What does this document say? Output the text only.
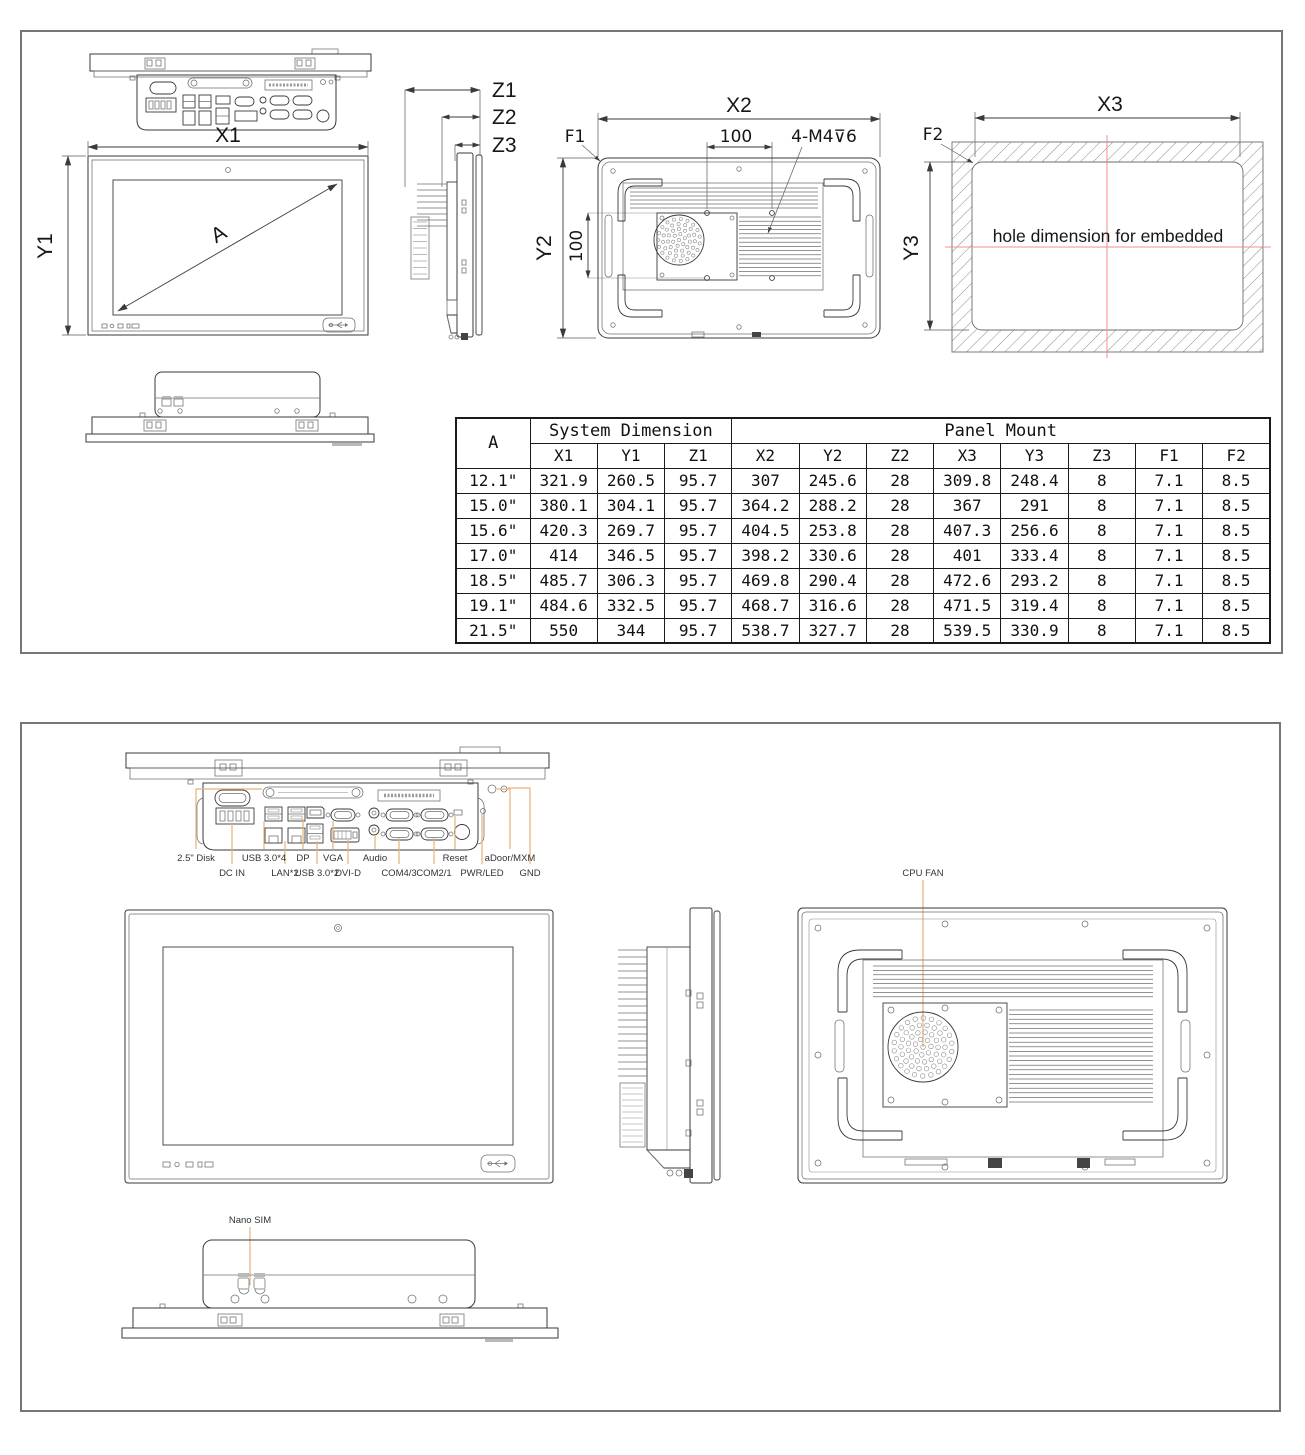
X1
Y1	A
Z1
Z2
Z3
X2
100 4-M4⊽6
F1
Y2 100
X3
Y3
F2
hole dimension for embedded
A	System Dimension			Panel Mount							
	X1	Y1	Z1	X2	Y2	Z2	X3	Y3	Z3	F1	F2
12.1"	321.9	260.5	95.7	307	245.6	28	309.8	248.4	8	7.1	8.5
15.0"	380.1	304.1	95.7	364.2	288.2	28	367	291	8	7.1	8.5
15.6"	420.3	269.7	95.7	404.5	253.8	28	407.3	256.6	8	7.1	8.5
17.0"	414	346.5	95.7	398.2	330.6	28	401	333.4	8	7.1	8.5
18.5"	485.7	306.3	95.7	469.8	290.4	28	472.6	293.2	8	7.1	8.5
19.1"	484.6	332.5	95.7	468.7	316.6	28	471.5	319.4	8	7.1	8.5
21.5"	550	344	95.7	538.7	327.7	28	539.5	330.9	8	7.1	8.5
2.5" Disk	USB 3.0*4 DP VGA Audio	Reset aDoor/MXM
DC IN	LAN*2
USB 3.0*2
DVI-D COM4/3 COM2/1 PWR/LED GND	CPU FAN
Nano SIM
